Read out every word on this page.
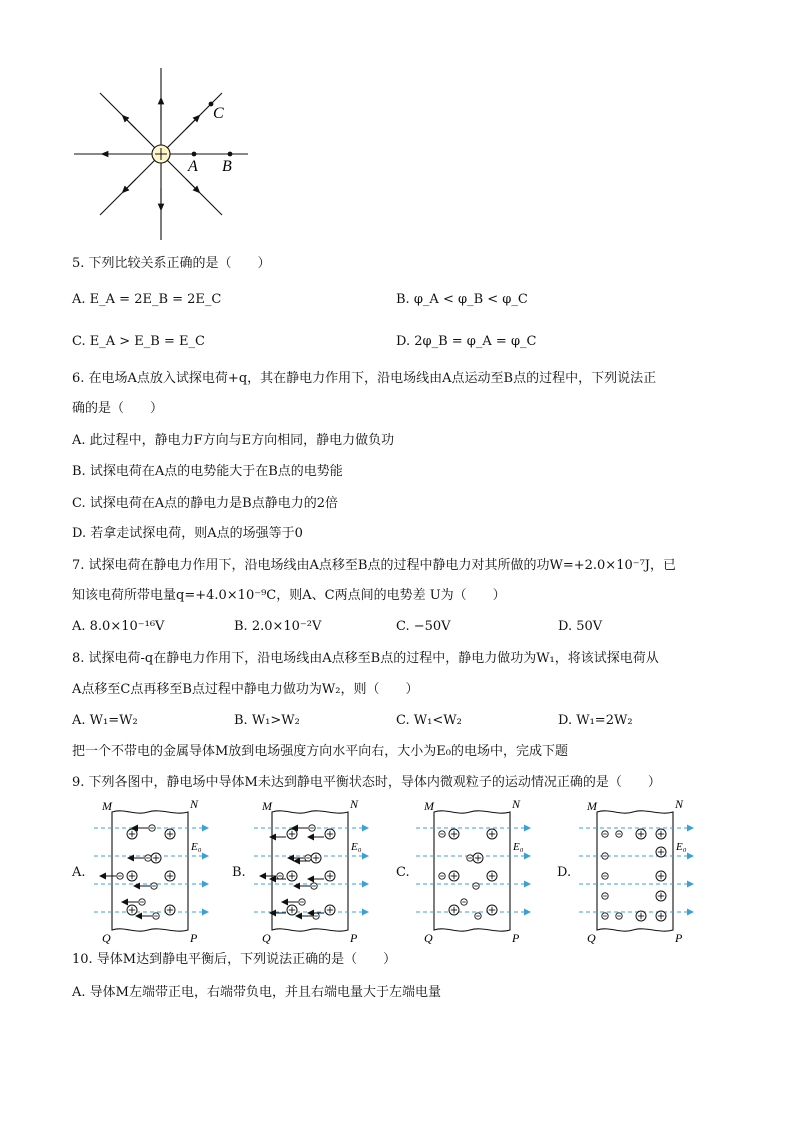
C
A B
5. 下列比较关系正确的是（　　）
A. E_A = 2E_B = 2E_C	B. φ_A < φ_B < φ_C
C. E_A > E_B = E_C	D. 2φ_B = φ_A = φ_C
6. 在电场A点放入试探电荷+q，其在静电力作用下，沿电场线由A点运动至B点的过程中，下列说法正
确的是（　　）
A. 此过程中，静电力F方向与E方向相同，静电力做负功
B. 试探电荷在A点的电势能大于在B点的电势能
C. 试探电荷在A点的静电力是B点静电力的2倍
D. 若拿走试探电荷，则A点的场强等于0
7. 试探电荷在静电力作用下，沿电场线由A点移至B点的过程中静电力对其所做的功W=+2.0×10⁻⁷J，已
知该电荷所带电量q=+4.0×10⁻⁹C，则A、C两点间的电势差 U为（　　）
A. 8.0×10⁻¹⁶V	B. 2.0×10⁻²V	C. −50V	D. 50V
8. 试探电荷-q在静电力作用下，沿电场线由A点移至B点的过程中，静电力做功为W₁，将该试探电荷从
A点移至C点再移至B点过程中静电力做功为W₂，则（　　）
A. W₁=W₂	B. W₁>W₂	C. W₁<W₂	D. W₁=2W₂
把一个不带电的金属导体M放到电场强度方向水平向右，大小为E₀的电场中，完成下题
9. 下列各图中，静电场中导体M未达到静电平衡状态时，导体内微观粒子的运动情况正确的是（　　）
A.	B.	C.	D.
M	N
Q	P
E₀
M	N
Q	P
E₀
M	N
Q	P
E₀
M	N
Q	P
E₀
10. 导体M达到静电平衡后，下列说法正确的是（　　）
A. 导体M左端带正电，右端带负电，并且右端电量大于左端电量
